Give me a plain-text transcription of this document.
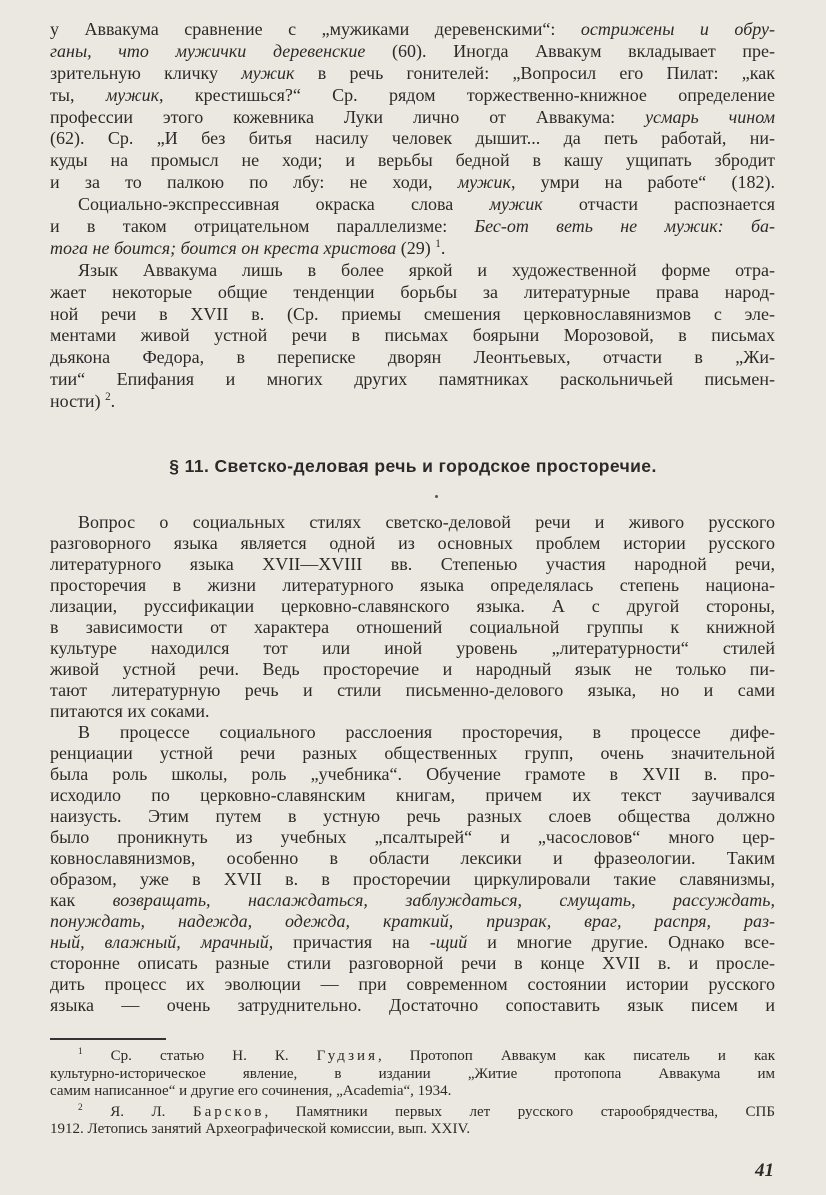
у Аввакума сравнение с „мужиками деревенскими“: острижены и обру-
ганы, что мужички деревенские (60). Иногда Аввакум вкладывает пре-
зрительную кличку мужик в речь гонителей: „Вопросил его Пилат: „как
ты, мужик, крестишься?“ Ср. рядом торжественно-книжное определение
профессии этого кожевника Луки лично от Аввакума: усмарь чином
(62). Ср. „И без битья насилу человек дышит... да петь работай, ни-
куды на промысл не ходи; и верьбы бедной в кашу ущипать збродит
и за то палкою по лбу: не ходи, мужик, умри на работе“ (182).
Социально-экспрессивная окраска слова мужик отчасти распознается
и в таком отрицательном параллелизме: Бес-от веть не мужик: ба-
тога не боится; боится он креста христова (29) $^1$.
Язык Аввакума лишь в более яркой и художественной форме отра-
жает некоторые общие тенденции борьбы за литературные права народ-
ной речи в XVII в. (Ср. приемы смешения церковнославянизмов с эле-
ментами живой устной речи в письмах боярыни Морозовой, в письмах
дьякона Федора, в переписке дворян Леонтьевых, отчасти в „Жи-
тии“ Епифания и многих других памятниках раскольничьей письмен-
ности) $^2$.
§ 11. Светско-деловая речь и городское просторечие.
Вопрос о социальных стилях светско-деловой речи и живого русского
разговорного языка является одной из основных проблем истории русского
литературного языка XVII—XVIII вв. Степенью участия народной речи,
просторечия в жизни литературного языка определялась степень национа-
лизации, руссификации церковно-славянского языка. А с другой стороны,
в зависимости от характера отношений социальной группы к книжной
культуре находился тот или иной уровень „литературности“ стилей
живой устной речи. Ведь просторечие и народный язык не только пи-
тают литературную речь и стили письменно-делового языка, но и сами
питаются их соками.
В процессе социального расслоения просторечия, в процессе дифе-
ренциации устной речи разных общественных групп, очень значительной
была роль школы, роль „учебника“. Обучение грамоте в XVII в. про-
исходило по церковно-славянским книгам, причем их текст заучивался
наизусть. Этим путем в устную речь разных слоев общества должно
было проникнуть из учебных „псалтырей“ и „часословов“ много цер-
ковнославянизмов, особенно в области лексики и фразеологии. Таким
образом, уже в XVII в. в просторечии циркулировали такие славянизмы,
как возвращать, наслаждаться, заблуждаться, смущать, рассуждать,
понуждать, надежда, одежда, краткий, призрак, враг, распря, раз-
ный, влажный, мрачный, причастия на -щий и многие другие. Однако все-
сторонне описать разные стили разговорной речи в конце XVII в. и просле-
дить процесс их эволюции — при современном состоянии истории русского
языка — очень затруднительно. Достаточно сопоставить язык писем и
$^1$ Ср. статью Н. К. Гудзия, Протопоп Аввакум как писатель и как
культурно-историческое явление, в издании „Житие протопопа Аввакума им
самим написанное“ и другие его сочинения, „Academia“, 1934.
$^2$ Я. Л. Барсков, Памятники первых лет русского старообрядчества, СПБ
1912. Летопись занятий Археографической комиссии, вып. XXIV.
41
